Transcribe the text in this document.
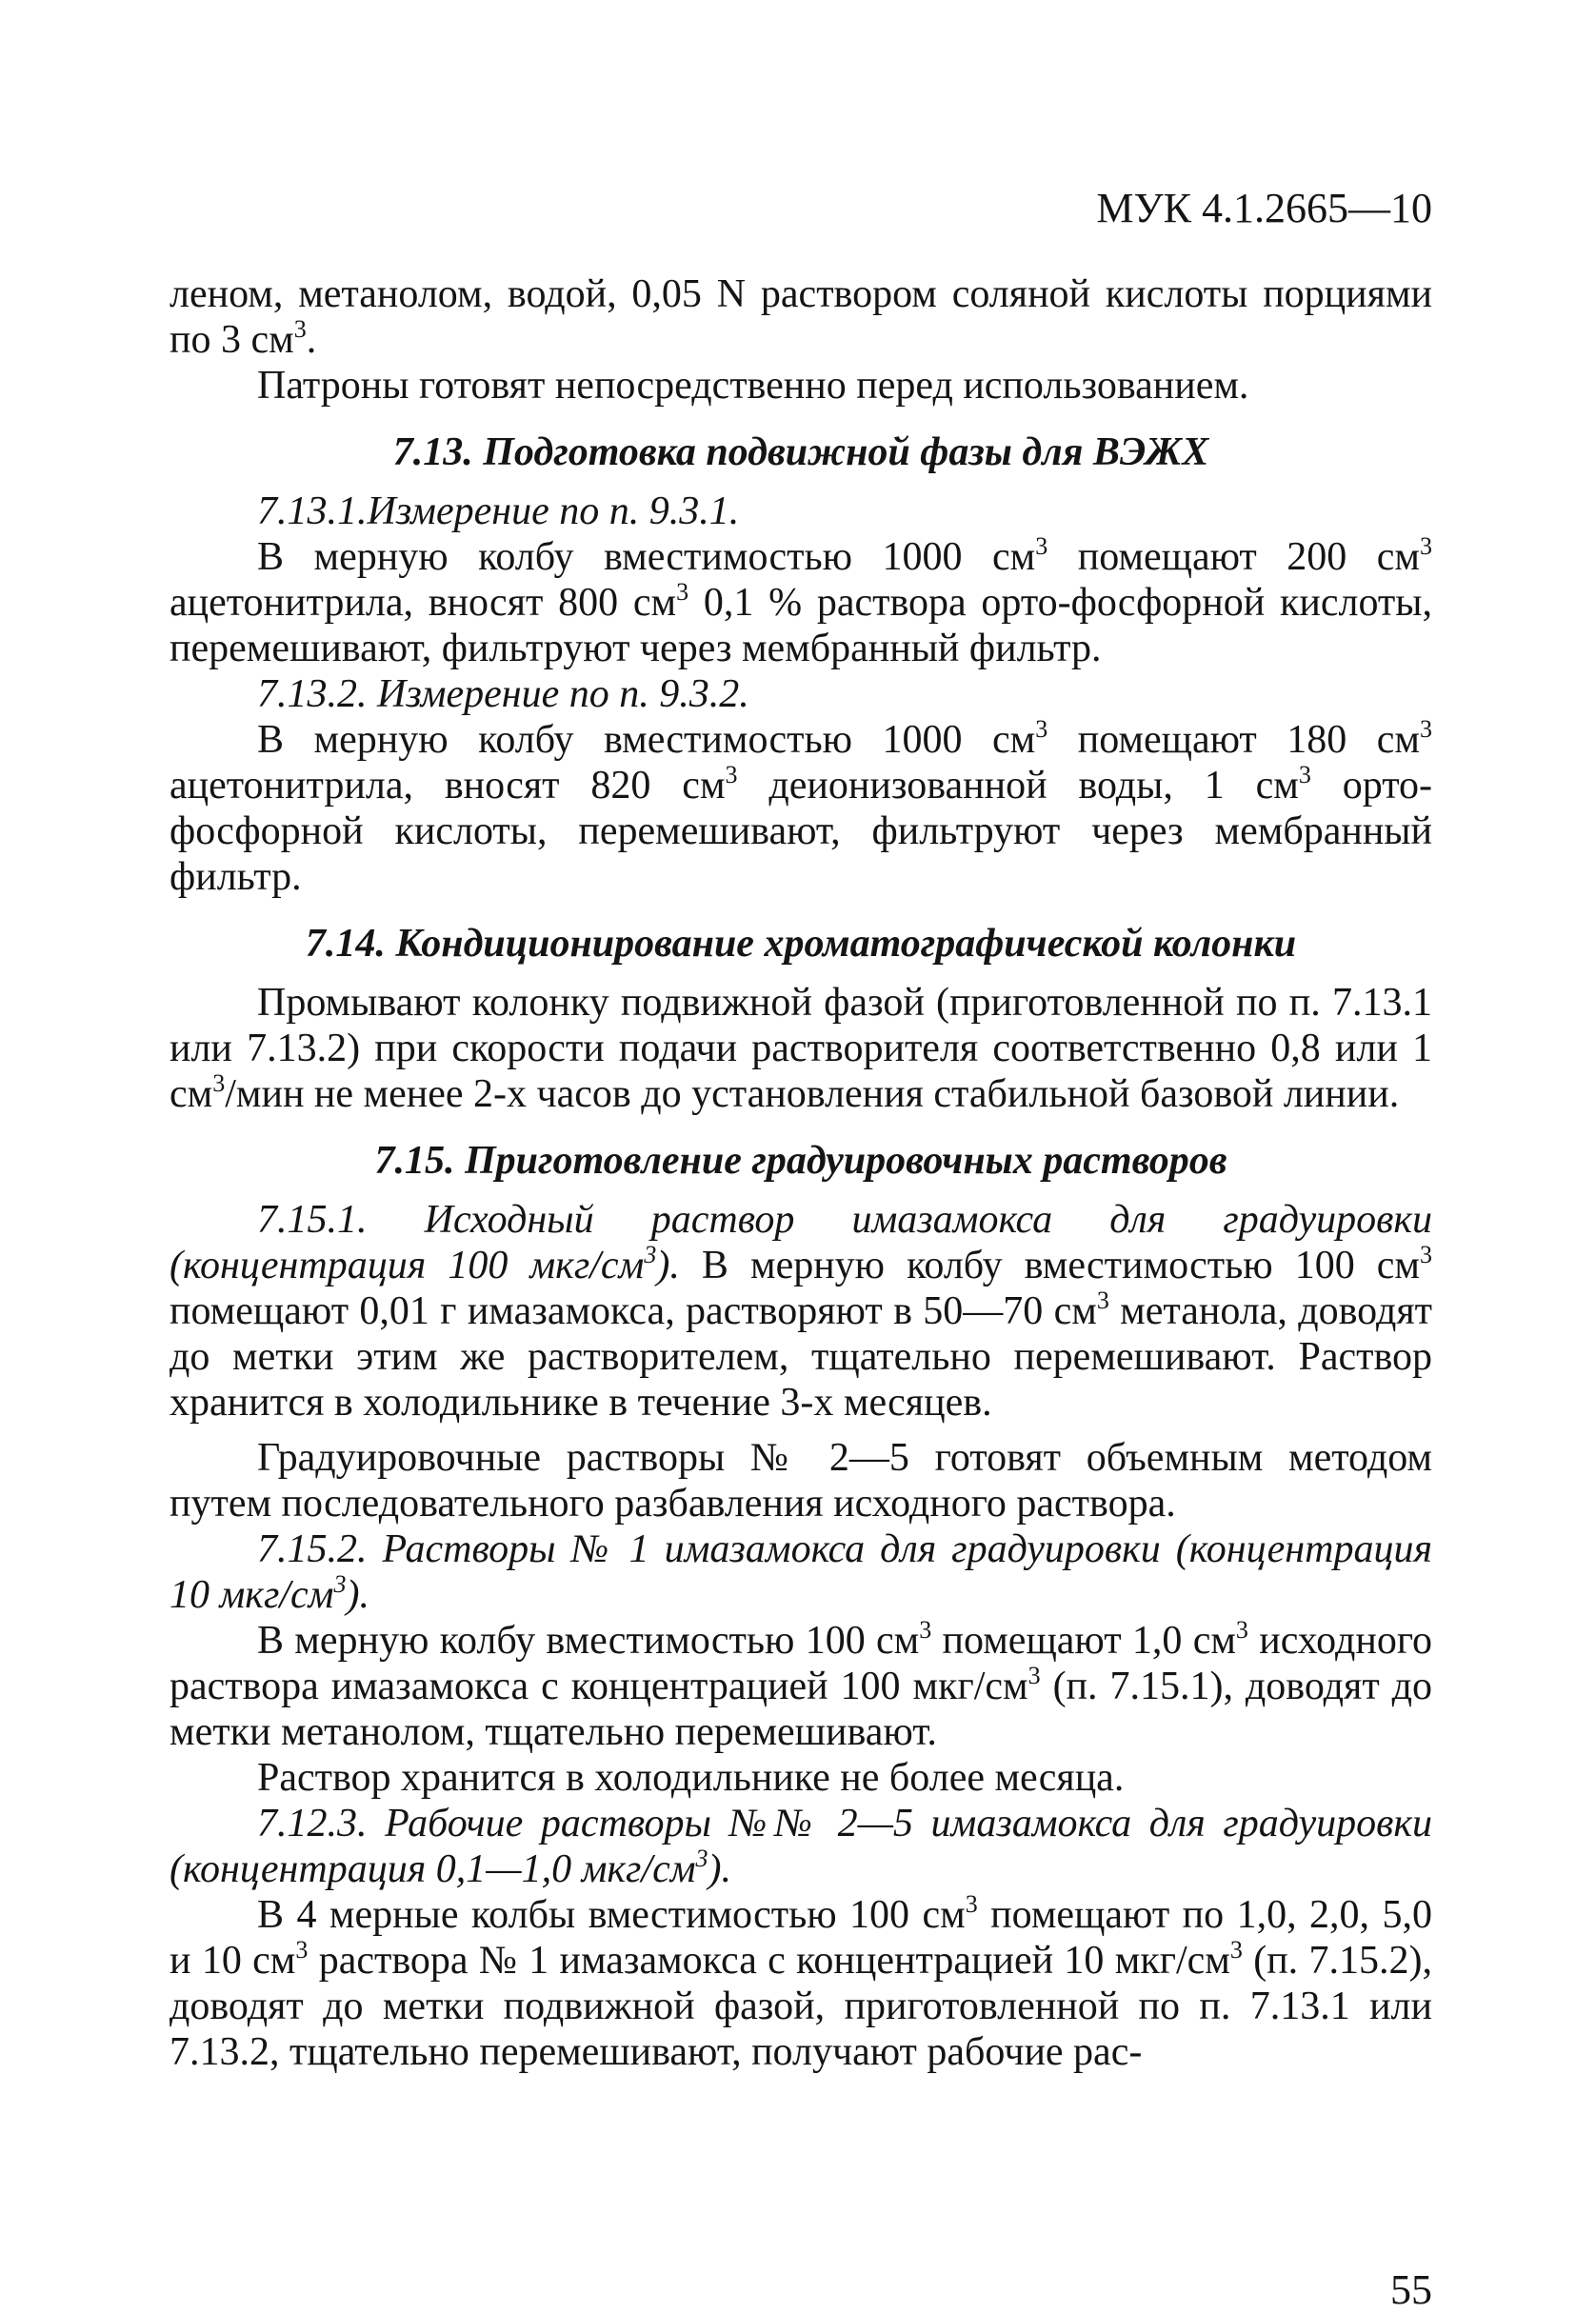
МУК 4.1.2665—10

леном, метанолом, водой, 0,05 N раствором соляной кислоты порциями по 3 $см^3$.

Патроны готовят непосредственно перед использованием.

7.13. Подготовка подвижной фазы для ВЭЖХ

7.13.1.Измерение по п. 9.3.1.

В мерную колбу вместимостью 1000 $см^3$ помещают 200 $см^3$ ацетонитрила, вносят 800 $см^3$ 0,1 % раствора орто-фосфорной кислоты, перемешивают, фильтруют через мембранный фильтр.

7.13.2. Измерение по п. 9.3.2.

В мерную колбу вместимостью 1000 $см^3$ помещают 180 $см^3$ ацетонитрила, вносят 820 $см^3$ деионизованной воды, 1 $см^3$ орто-фосфорной кислоты, перемешивают, фильтруют через мембранный фильтр.

7.14. Кондиционирование хроматографической колонки

Промывают колонку подвижной фазой (приготовленной по п. 7.13.1 или 7.13.2) при скорости подачи растворителя соответственно 0,8 или 1 $см^3$/мин не менее 2-х часов до установления стабильной базовой линии.

7.15. Приготовление градуировочных растворов

7.15.1. Исходный раствор имазамокса для градуировки (концентрация 100 мкг/$см^3$). В мерную колбу вместимостью 100 $см^3$ помещают 0,01 г имазамокса, растворяют в 50—70 $см^3$ метанола, доводят до метки этим же растворителем, тщательно перемешивают. Раствор хранится в холодильнике в течение 3-х месяцев.

Градуировочные растворы № 2—5 готовят объемным методом путем последовательного разбавления исходного раствора.

7.15.2. Растворы № 1 имазамокса для градуировки (концентрация 10 мкг/$см^3$).

В мерную колбу вместимостью 100 $см^3$ помещают 1,0 $см^3$ исходного раствора имазамокса с концентрацией 100 мкг/$см^3$ (п. 7.15.1), доводят до метки метанолом, тщательно перемешивают.

Раствор хранится в холодильнике не более месяца.

7.12.3. Рабочие растворы №№ 2—5 имазамокса для градуировки (концентрация 0,1—1,0 мкг/$см^3$).

В 4 мерные колбы вместимостью 100 $см^3$ помещают по 1,0, 2,0, 5,0 и 10 $см^3$ раствора № 1 имазамокса с концентрацией 10 мкг/$см^3$ (п. 7.15.2), доводят до метки подвижной фазой, приготовленной по п. 7.13.1 или 7.13.2, тщательно перемешивают, получают рабочие рас-

55
